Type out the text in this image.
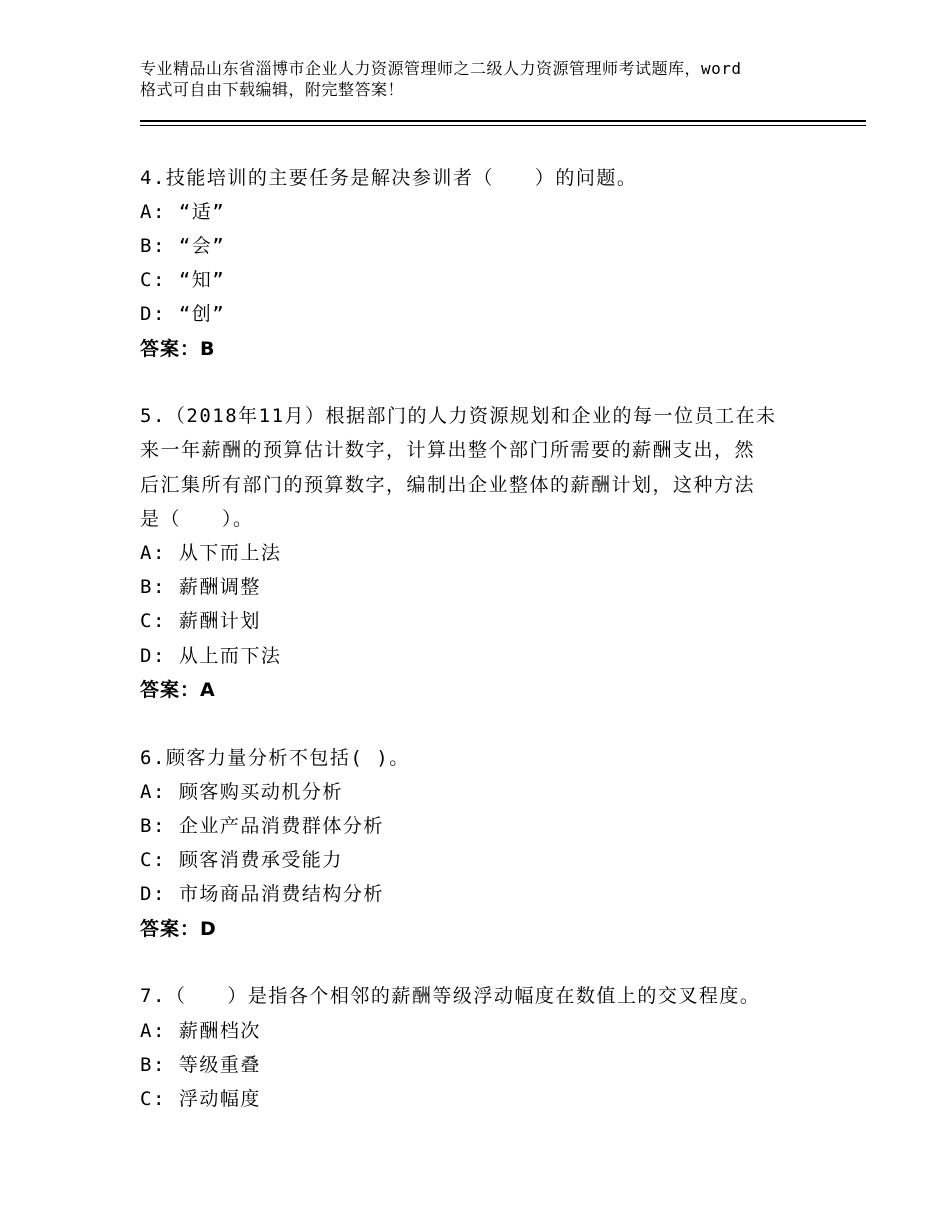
专业精品山东省淄博市企业人力资源管理师之二级人力资源管理师考试题库，word
格式可自由下载编辑，附完整答案！
4.技能培训的主要任务是解决参训者（　　）的问题。
A: “适”
B: “会”
C: “知”
D: “创”
答案：B
5.（2018年11月）根据部门的人力资源规划和企业的每一位员工在未
来一年薪酬的预算估计数字，计算出整个部门所需要的薪酬支出，然
后汇集所有部门的预算数字，编制出企业整体的薪酬计划，这种方法
是（　　）。
A: 从下而上法
B: 薪酬调整
C: 薪酬计划
D: 从上而下法
答案：A
6.顾客力量分析不包括( )。
A: 顾客购买动机分析
B: 企业产品消费群体分析
C: 顾客消费承受能力
D: 市场商品消费结构分析
答案：D
7.（　　）是指各个相邻的薪酬等级浮动幅度在数值上的交叉程度。
A: 薪酬档次
B: 等级重叠
C: 浮动幅度
